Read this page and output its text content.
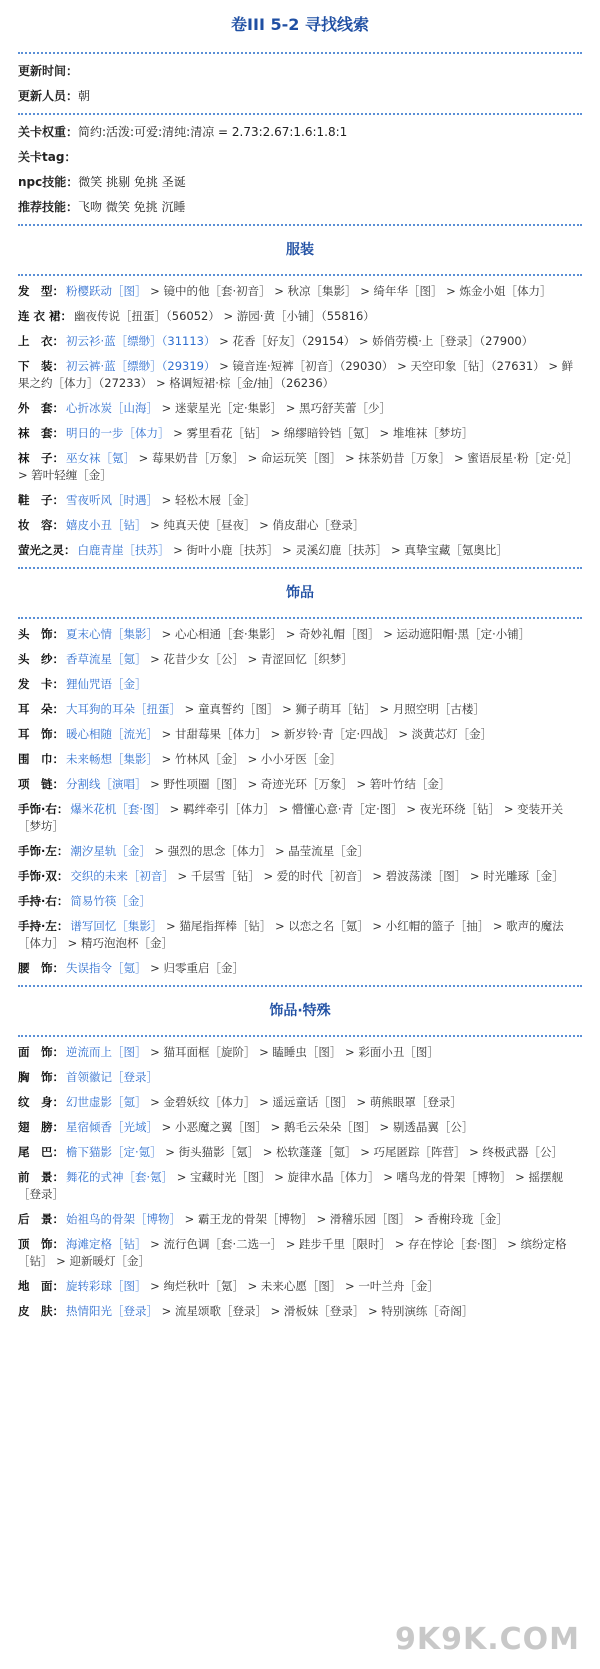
卷III 5-2 寻找线索
更新时间：
更新人员：朝
关卡权重：简约:活泼:可爱:清纯:清凉 = 2.73:2.67:1.6:1.8:1
关卡tag：
npc技能：微笑 挑剔 免挑 圣诞
推荐技能：飞吻 微笑 免挑 沉睡
服装
发　型： 粉樱跃动［图］ > 镜中的他［套·初音］ > 秋凉［集影］ > 绮年华［图］ > 炼金小姐［体力］
连 衣 裙： 幽夜传说［扭蛋］（56052） > 游园·黄［小铺］（55816）
上　衣： 初云衫·蓝［缥缈］（31113） > 花香［好友］（29154） > 娇俏劳模·上［登录］（27900）
下　装： 初云裤·蓝［缥缈］（29319） > 镜音连·短裤［初音］（29030） > 天空印象［钻］（27631） > 鲜果之约［体力］（27233） > 格调短裙·棕［金/抽］（26236）
外　套： 心折冰炭［山海］ > 迷蒙星光［定·集影］ > 黑巧舒芙蕾［少］
袜　套： 明日的一步［体力］ > 雾里看花［钻］ > 绵缪暗铃铛［氪］ > 堆堆袜［梦坊］
袜　子： 巫女袜［氪］ > 莓果奶昔［万象］ > 命运玩笑［图］ > 抹茶奶昔［万象］ > 蜜语辰星·粉［定·兑］ > 箬叶轻缠［金］
鞋　子： 雪夜听风［时遇］ > 轻松木屐［金］
妆　容： 嬉皮小丑［钻］ > 纯真天使［昼夜］ > 俏皮甜心［登录］
萤光之灵： 白鹿青崖［扶苏］ > 街叶小鹿［扶苏］ > 灵溪幻鹿［扶苏］ > 真挚宝藏［氪奥比］
饰品
头　饰： 夏末心情［集影］ > 心心相通［套·集影］ > 奇妙礼帽［图］ > 运动遮阳帽·黑［定·小铺］
头　纱： 香草流星［氪］ > 花昔少女［公］ > 青涩回忆［织梦］
发　卡： 狸仙咒语［金］
耳　朵： 大耳狗的耳朵［扭蛋］ > 童真誓约［图］ > 狮子萌耳［钻］ > 月照空明［古楼］
耳　饰： 暖心相随［流光］ > 甘甜莓果［体力］ > 新岁铃·青［定·四战］ > 淡黄芯灯［金］
围　巾： 未来畅想［集影］ > 竹林风［金］ > 小小牙医［金］
项　链： 分割线［演唱］ > 野性项圈［图］ > 奇迹光环［万象］ > 箬叶竹结［金］
手饰·右： 爆米花机［套·图］ > 羁绊牵引［体力］ > 懵懂心意·青［定·图］ > 夜光环绕［钻］ > 变装开关［梦坊］
手饰·左： 潮汐星轨［金］ > 强烈的思念［体力］ > 晶莹流星［金］
手饰·双： 交织的未来［初音］ > 千层雪［钻］ > 爱的时代［初音］ > 碧波荡漾［图］ > 时光雕琢［金］
手持·右： 简易竹筷［金］
手持·左： 谱写回忆［集影］ > 猫尾指挥棒［钻］ > 以恋之名［氪］ > 小红帽的篮子［抽］ > 歌声的魔法［体力］ > 精巧泡泡杯［金］
腰　饰： 失误指令［氪］ > 归零重启［金］
饰品·特殊
面　饰： 逆流而上［图］ > 猫耳面框［旋阶］ > 瞌睡虫［图］ > 彩面小丑［图］
胸　饰： 首领徽记［登录］
纹　身： 幻世虚影［氪］ > 金碧妖纹［体力］ > 遥远童话［图］ > 萌熊眼罩［登录］
翅　膀： 星宿倾香［光域］ > 小恶魔之翼［图］ > 鹅毛云朵朵［图］ > 剔透晶翼［公］
尾　巴： 檐下猫影［定·氪］ > 街头猫影［氪］ > 松软蓬蓬［氪］ > 巧尾匿踪［阵营］ > 终极武器［公］
前　景： 舞花的式神［套·氪］ > 宝藏时光［图］ > 旋律水晶［体力］ > 嗜鸟龙的骨架［博物］ > 摇摆舰［登录］
后　景： 始祖鸟的骨架［博物］ > 霸王龙的骨架［博物］ > 滑稽乐园［图］ > 香榭玲珑［金］
顶　饰： 海滩定格［钻］ > 流行色调［套·二选一］ > 跬步千里［限时］ > 存在悖论［套·图］ > 缤纷定格［钻］ > 迎新暖灯［金］
地　面： 旋转彩球［图］ > 绚烂秋叶［氪］ > 未来心愿［图］ > 一叶兰舟［金］
皮　肤： 热情阳光［登录］ > 流星颂歌［登录］ > 滑板妹［登录］ > 特别演练［奇阁］
9K9K.COM
